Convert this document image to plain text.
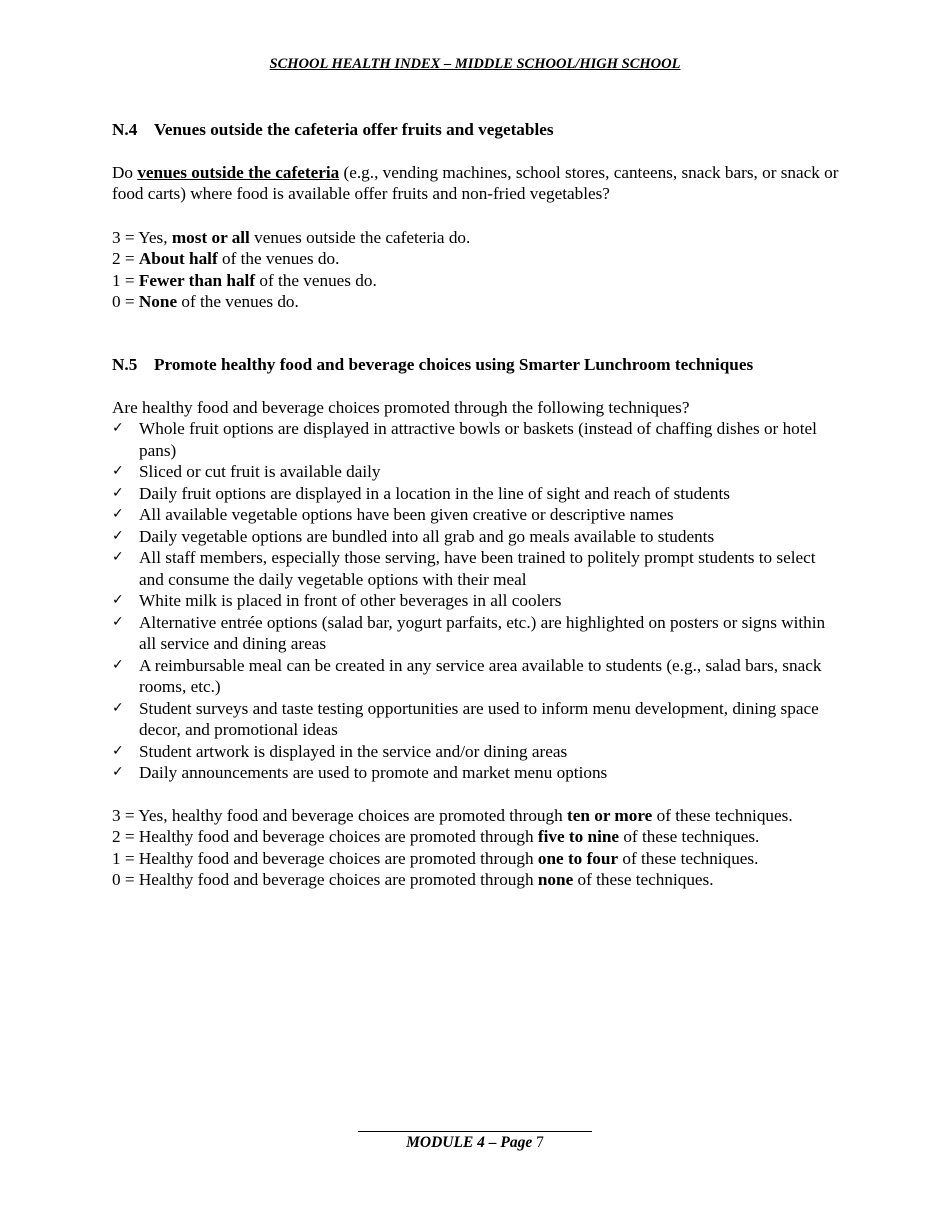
SCHOOL HEALTH INDEX – MIDDLE SCHOOL/HIGH SCHOOL
N.4 Venues outside the cafeteria offer fruits and vegetables

Do venues outside the cafeteria (e.g., vending machines, school stores, canteens, snack bars, or snack or food carts) where food is available offer fruits and non-fried vegetables?

3 = Yes, most or all venues outside the cafeteria do.

2 = About half of the venues do.

1 = Fewer than half of the venues do.

0 = None of the venues do.

N.5 Promote healthy food and beverage choices using Smarter Lunchroom techniques

Are healthy food and beverage choices promoted through the following techniques?

✓ Whole fruit options are displayed in attractive bowls or baskets (instead of chaffing dishes or hotel pans)
✓ Sliced or cut fruit is available daily
✓ Daily fruit options are displayed in a location in the line of sight and reach of students
✓ All available vegetable options have been given creative or descriptive names
✓ Daily vegetable options are bundled into all grab and go meals available to students
✓ All staff members, especially those serving, have been trained to politely prompt students to select and consume the daily vegetable options with their meal
✓ White milk is placed in front of other beverages in all coolers
✓ Alternative entrée options (salad bar, yogurt parfaits, etc.) are highlighted on posters or signs within all service and dining areas
✓ A reimbursable meal can be created in any service area available to students (e.g., salad bars, snack rooms, etc.)
✓ Student surveys and taste testing opportunities are used to inform menu development, dining space decor, and promotional ideas
✓ Student artwork is displayed in the service and/or dining areas
✓ Daily announcements are used to promote and market menu options

3 = Yes, healthy food and beverage choices are promoted through ten or more of these techniques.

2 = Healthy food and beverage choices are promoted through five to nine of these techniques.

1 = Healthy food and beverage choices are promoted through one to four of these techniques.

0 = Healthy food and beverage choices are promoted through none of these techniques.

MODULE 4 – Page 7
